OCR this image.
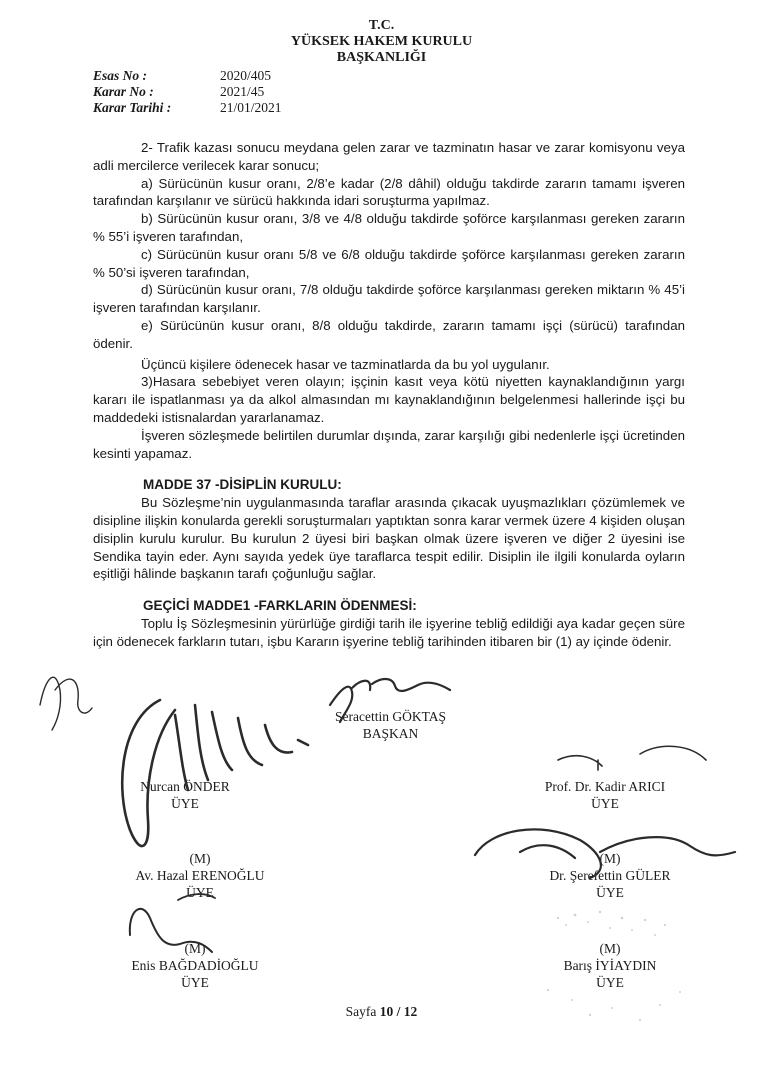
T.C.
YÜKSEK HAKEM KURULU
BAŞKANLIĞI
Esas No :	2020/405
Karar No :	2021/45
Karar Tarihi :	21/01/2021

2- Trafik kazası sonucu meydana gelen zarar ve tazminatın hasar ve zarar komisyonu veya adli mercilerce verilecek karar sonucu;

a) Sürücünün kusur oranı, 2/8’e kadar (2/8 dâhil) olduğu takdirde zararın tamamı işveren tarafından karşılanır ve sürücü hakkında idari soruşturma yapılmaz.

b) Sürücünün kusur oranı, 3/8 ve 4/8 olduğu takdirde şoförce karşılanması gereken zararın % 55’i işveren tarafından,

c) Sürücünün kusur oranı 5/8 ve 6/8 olduğu takdirde şoförce karşılanması gereken zararın % 50’si işveren tarafından,

d) Sürücünün kusur oranı, 7/8 olduğu takdirde şoförce karşılanması gereken miktarın % 45’i işveren tarafından karşılanır.

e) Sürücünün kusur oranı, 8/8 olduğu takdirde, zararın tamamı işçi (sürücü) tarafından ödenir.

Üçüncü kişilere ödenecek hasar ve tazminatlarda da bu yol uygulanır.

3)Hasara sebebiyet veren olayın; işçinin kasıt veya kötü niyetten kaynaklandığının yargı kararı ile ispatlanması ya da alkol almasından mı kaynaklandığının belgelenmesi hallerinde işçi bu maddedeki istisnalardan yararlanamaz.

İşveren sözleşmede belirtilen durumlar dışında, zarar karşılığı gibi nedenlerle işçi ücretinden kesinti yapamaz.

MADDE 37 -DİSİPLİN KURULU:

Bu Sözleşme’nin uygulanmasında taraflar arasında çıkacak uyuşmazlıkları çözümlemek ve disipline ilişkin konularda gerekli soruşturmaları yaptıktan sonra karar vermek üzere 4 kişiden oluşan disiplin kurulu kurulur. Bu kurulun 2 üyesi biri başkan olmak üzere işveren ve diğer 2 üyesini ise Sendika tayin eder. Aynı sayıda yedek üye taraflarca tespit edilir. Disiplin ile ilgili konularda oyların eşitliği hâlinde başkanın tarafı çoğunluğu sağlar.

GEÇİCİ MADDE1 -FARKLARIN ÖDENMESİ:

Toplu İş Sözleşmesinin yürürlüğe girdiği tarih ile işyerine tebliğ edildiği aya kadar geçen süre için ödenecek farkların tutarı, işbu Kararın işyerine tebliğ tarihinden itibaren bir (1) ay içinde ödenir.

Seracettin GÖKTAŞ
BAŞKAN
Nurcan ÖNDER
ÜYE
Prof. Dr. Kadir ARICI
ÜYE
(M)
Av. Hazal ERENOĞLU
ÜYE
(M)
Dr. Şerefettin GÜLER
ÜYE
(M)
Enis BAĞDADİOĞLU
ÜYE
(M)
Barış İYİAYDIN
ÜYE
Sayfa 10 / 12
